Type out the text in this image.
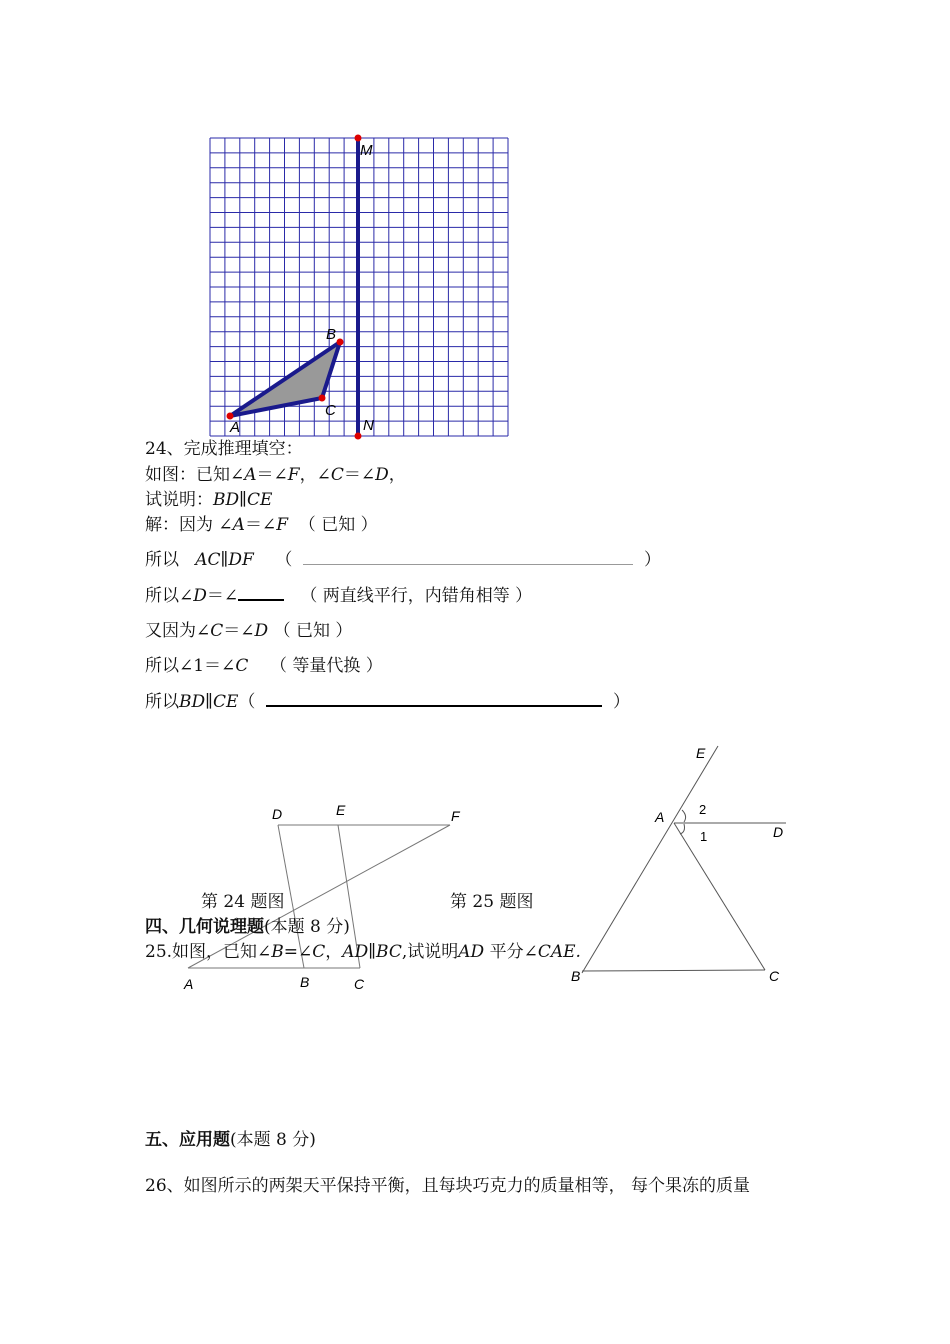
M
N
A
B
C
24、完成推理填空：
如图：已知∠A＝∠F，∠C＝∠D，
试说明：BD∥CE
解：因为 ∠A＝∠F （ 已知 ）
所以   AC∥DF （	）
所以∠D＝∠	（ 两直线平行，内错角相等 ）
又因为∠C＝∠D （ 已知 ）
所以∠1＝∠C （ 等量代换 ）
所以BD∥CE（	）
D	E	F
A	B	C
E
A
D
B	C
2
1
第 24 题图	第 25 题图
四、几何说理题(本题 8 分)
25.如图，已知∠B=∠C，AD∥BC,试说明AD 平分∠CAE.
五、应用题(本题 8 分)
26、如图所示的两架天平保持平衡，且每块巧克力的质量相等， 每个果冻的质量
